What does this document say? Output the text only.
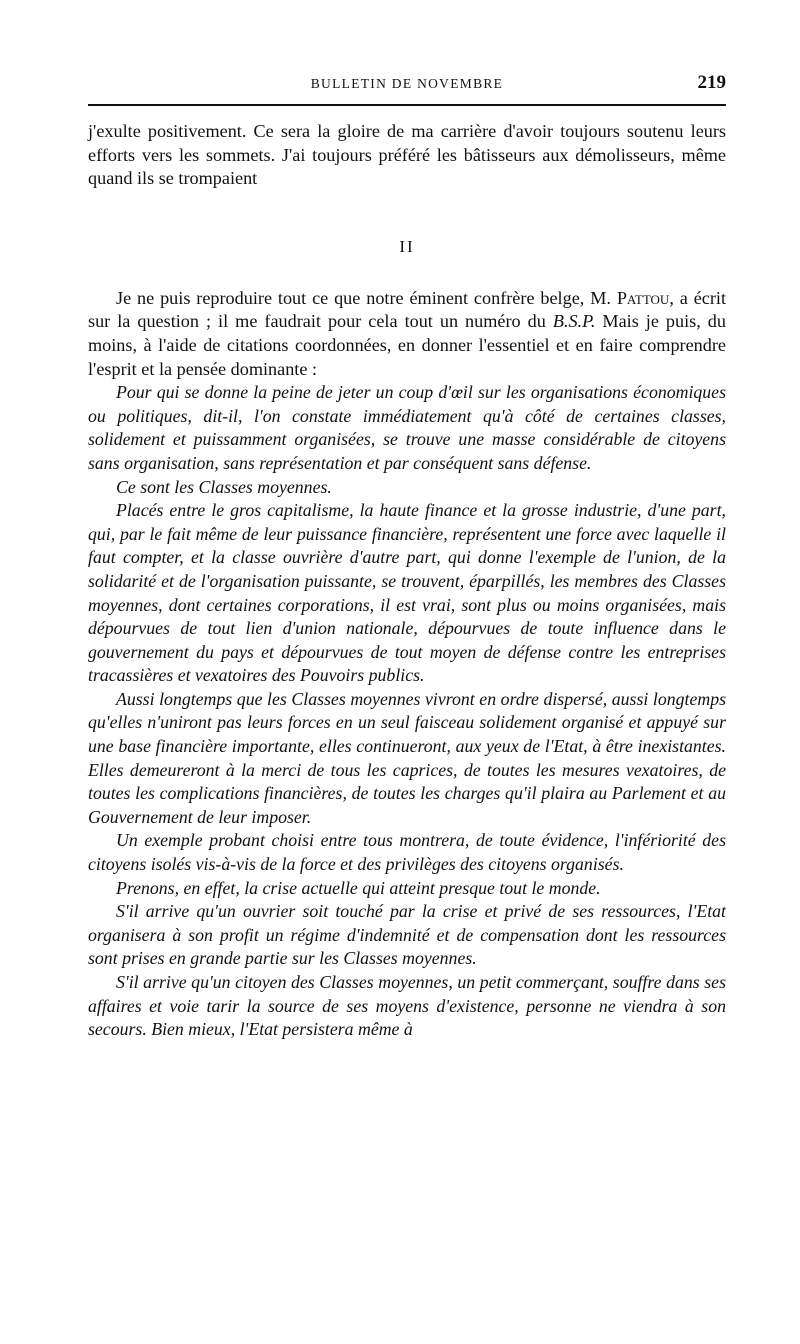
BULLETIN DE NOVEMBRE	219

j'exulte positivement. Ce sera la gloire de ma carrière d'avoir toujours soutenu leurs efforts vers les sommets. J'ai toujours préféré les bâtisseurs aux démolisseurs, même quand ils se trompaient

II

Je ne puis reproduire tout ce que notre éminent confrère belge, M. Pattou, a écrit sur la question ; il me faudrait pour cela tout un numéro du B.S.P. Mais je puis, du moins, à l'aide de citations coordonnées, en donner l'essentiel et en faire comprendre l'esprit et la pensée dominante :

Pour qui se donne la peine de jeter un coup d'œil sur les organisations économiques ou politiques, dit-il, l'on constate immédiatement qu'à côté de certaines classes, solidement et puissamment organisées, se trouve une masse considérable de citoyens sans organisation, sans représentation et par conséquent sans défense.

Ce sont les Classes moyennes.

Placés entre le gros capitalisme, la haute finance et la grosse industrie, d'une part, qui, par le fait même de leur puissance financière, représentent une force avec laquelle il faut compter, et la classe ouvrière d'autre part, qui donne l'exemple de l'union, de la solidarité et de l'organisation puissante, se trouvent, éparpillés, les membres des Classes moyennes, dont certaines corporations, il est vrai, sont plus ou moins organisées, mais dépourvues de tout lien d'union nationale, dépourvues de toute influence dans le gouvernement du pays et dépourvues de tout moyen de défense contre les entreprises tracassières et vexatoires des Pouvoirs publics.

Aussi longtemps que les Classes moyennes vivront en ordre dispersé, aussi longtemps qu'elles n'uniront pas leurs forces en un seul faisceau solidement organisé et appuyé sur une base financière importante, elles continueront, aux yeux de l'Etat, à être inexistantes. Elles demeureront à la merci de tous les caprices, de toutes les mesures vexatoires, de toutes les complications financières, de toutes les charges qu'il plaira au Parlement et au Gouvernement de leur imposer.

Un exemple probant choisi entre tous montrera, de toute évidence, l'infériorité des citoyens isolés vis-à-vis de la force et des privilèges des citoyens organisés.

Prenons, en effet, la crise actuelle qui atteint presque tout le monde.

S'il arrive qu'un ouvrier soit touché par la crise et privé de ses ressources, l'Etat organisera à son profit un régime d'indemnité et de compensation dont les ressources sont prises en grande partie sur les Classes moyennes.

S'il arrive qu'un citoyen des Classes moyennes, un petit commerçant, souffre dans ses affaires et voie tarir la source de ses moyens d'existence, personne ne viendra à son secours. Bien mieux, l'Etat persistera même à
